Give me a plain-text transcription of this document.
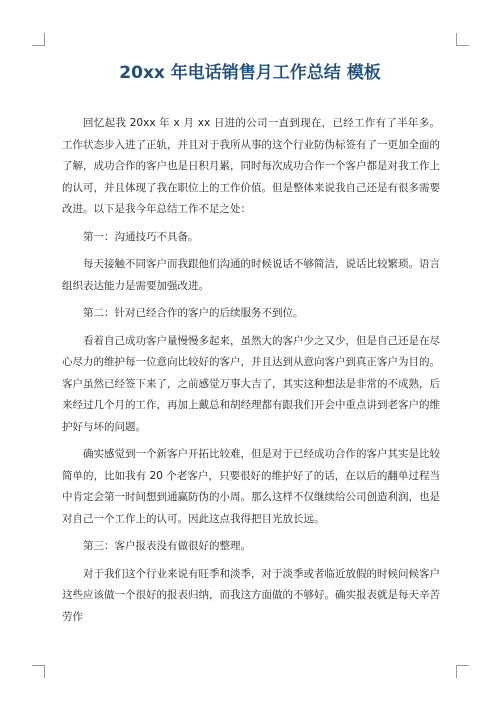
20xx 年电话销售月工作总结 模板

回忆起我 20xx 年 x 月 xx 日进的公司一直到现在，已经工作有了半年多。工作状态步入进了正轨，并且对于我所从事的这个行业防伪标签有了一更加全面的了解，成功合作的客户也是日积月累，同时每次成功合作一个客户都是对我工作上的认可，并且体现了我在职位上的工作价值。但是整体来说我自己还是有很多需要改进。以下是我今年总结工作不足之处：

第一：沟通技巧不具备。

每天接触不同客户而我跟他们沟通的时候说话不够简洁，说话比较繁琐。语言组织表达能力是需要加强改进。

第二：针对已经合作的客户的后续服务不到位。

看着自己成功客户量慢慢多起来，虽然大的客户少之又少，但是自己还是在尽心尽力的维护每一位意向比较好的客户，并且达到从意向客户到真正客户为目的。客户虽然已经签下来了，之前感觉万事大吉了，其实这种想法是非常的不成熟，后来经过几个月的工作，再加上戴总和胡经理都有跟我们开会中重点讲到老客户的维护好与坏的问题。

确实感觉到一个新客户开拓比较难，但是对于已经成功合作的客户其实是比较简单的，比如我有 20 个老客户，只要很好的维护好了的话，在以后的翻单过程当中肯定会第一时间想到通赢防伪的小周。那么这样不仅继续给公司创造利润，也是对自己一个工作上的认可。因此这点我得把目光放长远。

第三：客户报表没有做很好的整理。

对于我们这个行业来说有旺季和淡季，对于淡季或者临近放假的时候问候客户这些应该做一个很好的报表归纳，而我这方面做的不够好。确实报表就是每天辛苦劳作
